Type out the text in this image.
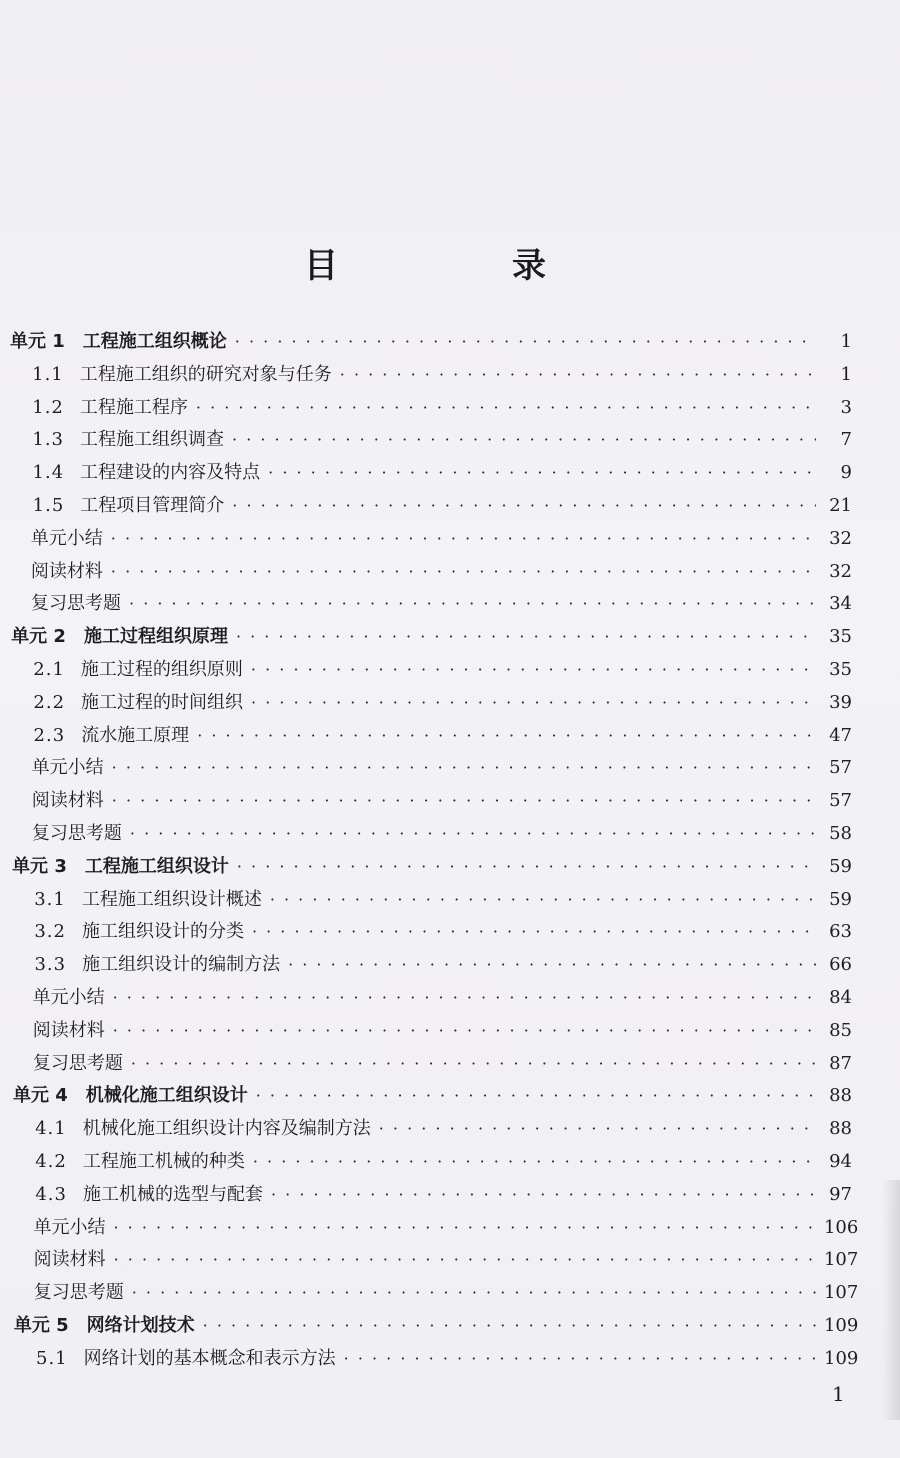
目　录
单元 1 工程施工组织概论 · · ·	1
1.1 工程施工组织的研究对象与任务 · · ·	1
1.2 工程施工程序 · · ·	3
1.3 工程施工组织调查 · · ·	7
1.4 工程建设的内容及特点 · · ·	9
1.5 工程项目管理简介 · · ·	21
单元小结 · · ·	32
阅读材料 · · ·	32
复习思考题 · · ·	34
单元 2 施工过程组织原理 · · ·	35
2.1 施工过程的组织原则 · · ·	35
2.2 施工过程的时间组织 · · ·	39
2.3 流水施工原理 · · ·	47
单元小结 · · ·	57
阅读材料 · · ·	57
复习思考题 · · ·	58
单元 3 工程施工组织设计 · · ·	59
3.1 工程施工组织设计概述 · · ·	59
3.2 施工组织设计的分类 · · ·	63
3.3 施工组织设计的编制方法 · · ·	66
单元小结 · · ·	84
阅读材料 · · ·	85
复习思考题 · · ·	87
单元 4 机械化施工组织设计 · · ·	88
4.1 机械化施工组织设计内容及编制方法 · · ·	88
4.2 工程施工机械的种类 · · ·	94
4.3 施工机械的选型与配套 · · ·	97
单元小结 · · ·	106
阅读材料 · · ·	107
复习思考题 · · ·	107
单元 5 网络计划技术 · · ·	109
5.1 网络计划的基本概念和表示方法 · · ·	109
1
